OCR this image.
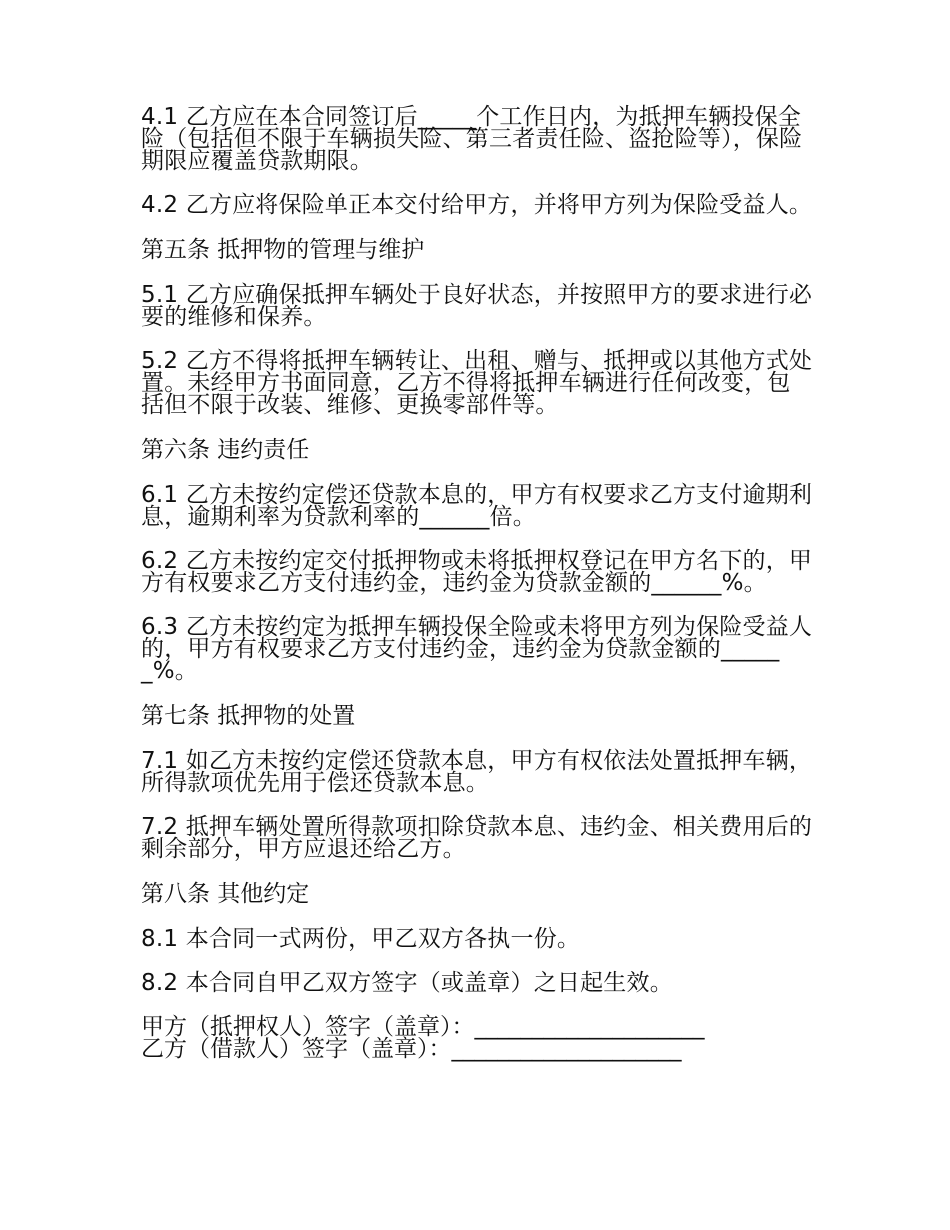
4.1 乙方应在本合同签订后_____个工作日内，为抵押车辆投保全险（包括但不限于车辆损失险、第三者责任险、盗抢险等），保险期限应覆盖贷款期限。

4.2 乙方应将保险单正本交付给甲方，并将甲方列为保险受益人。

第五条 抵押物的管理与维护

5.1 乙方应确保抵押车辆处于良好状态，并按照甲方的要求进行必要的维修和保养。

5.2 乙方不得将抵押车辆转让、出租、赠与、抵押或以其他方式处置。未经甲方书面同意，乙方不得将抵押车辆进行任何改变，包括但不限于改装、维修、更换零部件等。

第六条 违约责任

6.1 乙方未按约定偿还贷款本息的，甲方有权要求乙方支付逾期利息，逾期利率为贷款利率的______倍。

6.2 乙方未按约定交付抵押物或未将抵押权登记在甲方名下的，甲方有权要求乙方支付违约金，违约金为贷款金额的______%。

6.3 乙方未按约定为抵押车辆投保全险或未将甲方列为保险受益人的，甲方有权要求乙方支付违约金，违约金为贷款金额的______%。

第七条 抵押物的处置

7.1 如乙方未按约定偿还贷款本息，甲方有权依法处置抵押车辆，所得款项优先用于偿还贷款本息。

7.2 抵押车辆处置所得款项扣除贷款本息、违约金、相关费用后的剩余部分，甲方应退还给乙方。

第八条 其他约定

8.1 本合同一式两份，甲乙双方各执一份。

8.2 本合同自甲乙双方签字（或盖章）之日起生效。

甲方（抵押权人）签字（盖章）：____________________

乙方（借款人）签字（盖章）：____________________
